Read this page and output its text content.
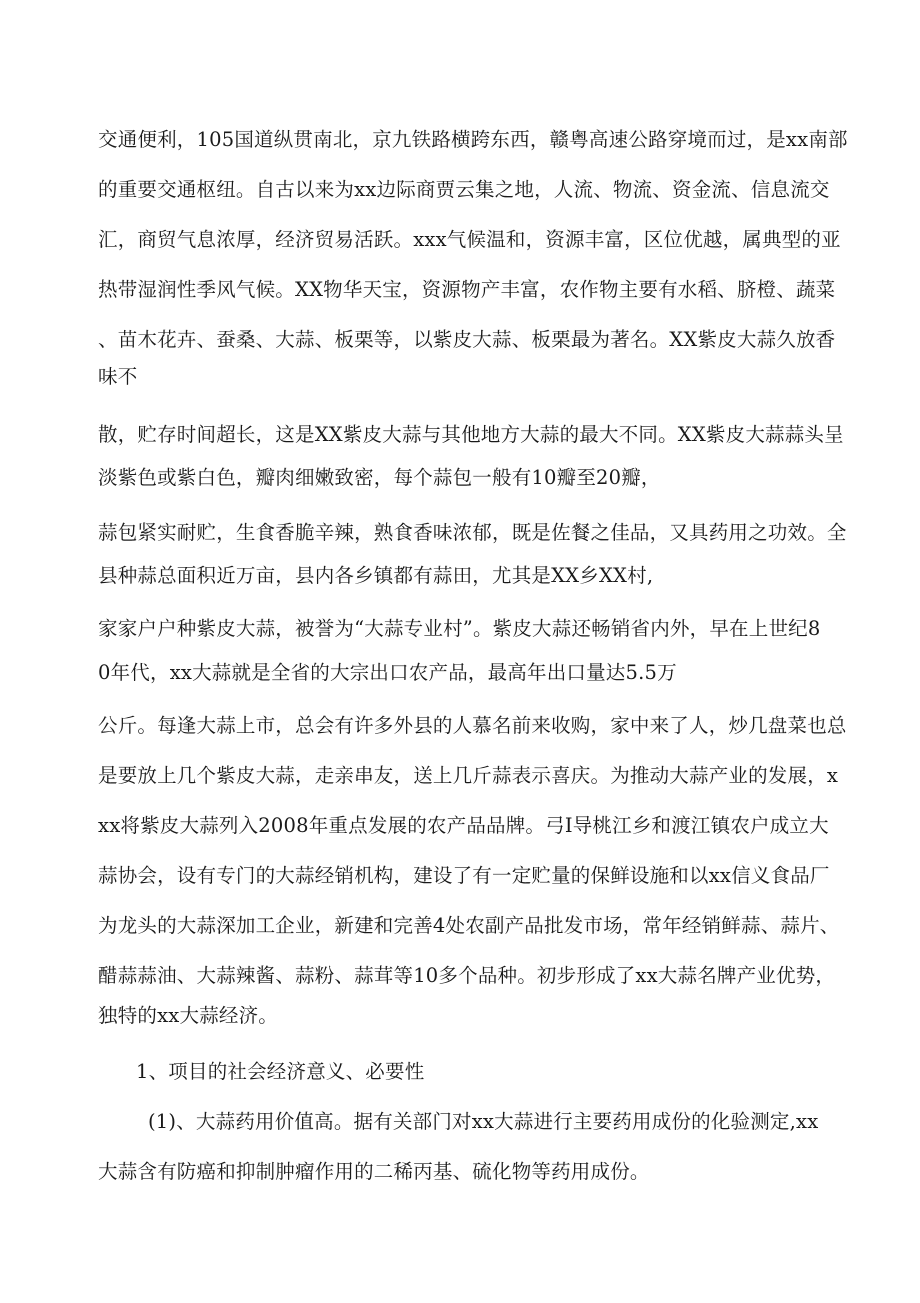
交通便利，105国道纵贯南北，京九铁路横跨东西，赣粤高速公路穿境而过，是xx南部
的重要交通枢纽。自古以来为xx边际商贾云集之地，人流、物流、资金流、信息流交
汇，商贸气息浓厚，经济贸易活跃。xxx气候温和，资源丰富，区位优越，属典型的亚
热带湿润性季风气候。XX物华天宝，资源物产丰富，农作物主要有水稻、脐橙、蔬菜
、苗木花卉、蚕桑、大蒜、板栗等，以紫皮大蒜、板栗最为著名。XX紫皮大蒜久放香
味不
散，贮存时间超长，这是XX紫皮大蒜与其他地方大蒜的最大不同。XX紫皮大蒜蒜头呈
淡紫色或紫白色，瓣肉细嫩致密，每个蒜包一般有10瓣至20瓣，
蒜包紧实耐贮，生食香脆辛辣，熟食香味浓郁，既是佐餐之佳品，又具药用之功效。全
县种蒜总面积近万亩，县内各乡镇都有蒜田，尤其是XX乡XX村,
家家户户种紫皮大蒜，被誉为“大蒜专业村”。紫皮大蒜还畅销省内外，早在上世纪8
0年代，xx大蒜就是全省的大宗出口农产品，最高年出口量达5.5万
公斤。每逢大蒜上市，总会有许多外县的人慕名前来收购，家中来了人，炒几盘菜也总
是要放上几个紫皮大蒜，走亲串友，送上几斤蒜表示喜庆。为推动大蒜产业的发展，x
xx将紫皮大蒜列入2008年重点发展的农产品品牌。弓I导桃江乡和渡江镇农户成立大
蒜协会，设有专门的大蒜经销机构，建设了有一定贮量的保鲜设施和以xx信义食品厂
为龙头的大蒜深加工企业，新建和完善4处农副产品批发市场，常年经销鲜蒜、蒜片、
醋蒜蒜油、大蒜辣酱、蒜粉、蒜茸等10多个品种。初步形成了xx大蒜名牌产业优势，
独特的xx大蒜经济。
1、项目的社会经济意义、必要性
(1)、大蒜药用价值高。据有关部门对xx大蒜进行主要药用成份的化验测定,xx
大蒜含有防癌和抑制肿瘤作用的二稀丙基、硫化物等药用成份。
